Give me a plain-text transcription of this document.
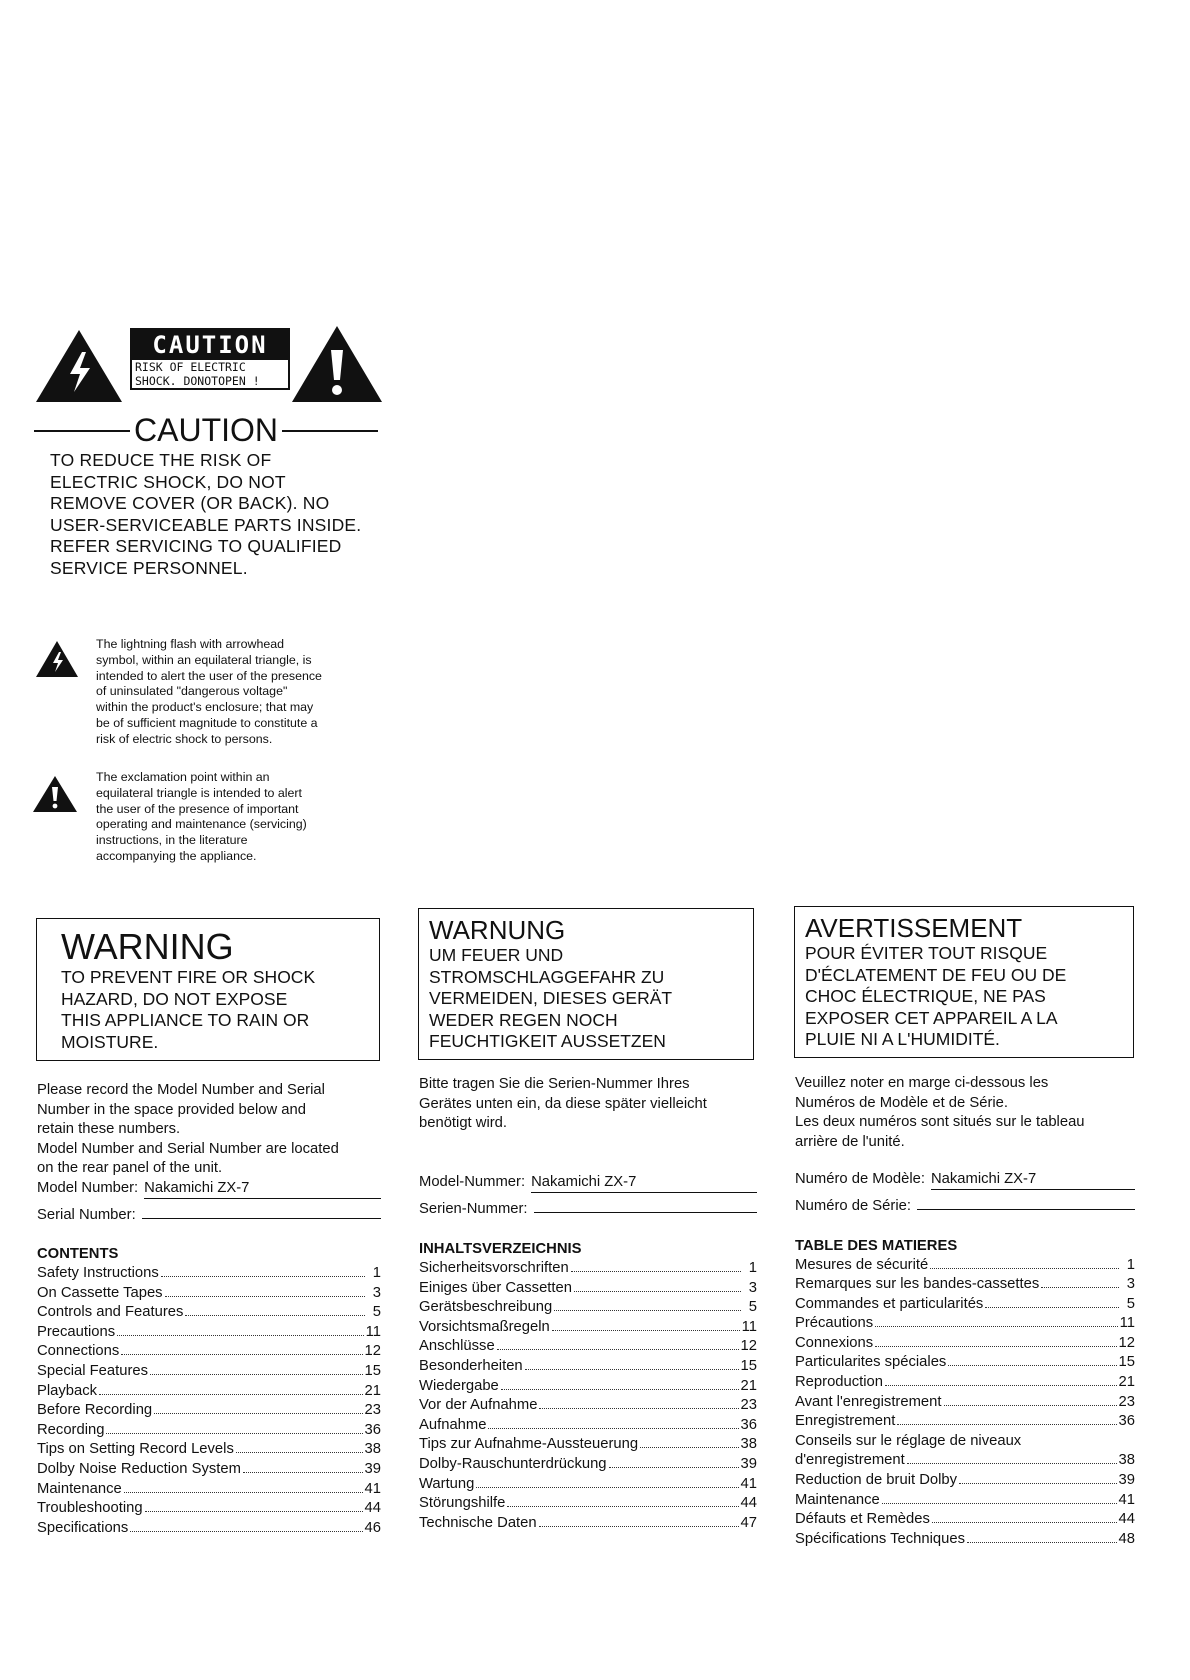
CAUTION
RISK OF ELECTRIC
SHOCK. DONOTOPEN !
CAUTION
TO REDUCE THE RISK OF
ELECTRIC SHOCK, DO NOT
REMOVE COVER (OR BACK). NO
USER-SERVICEABLE PARTS INSIDE.
REFER SERVICING TO QUALIFIED
SERVICE PERSONNEL.
The lightning flash with arrowhead
symbol, within an equilateral triangle, is
intended to alert the user of the presence
of uninsulated "dangerous voltage"
within the product's enclosure; that may
be of sufficient magnitude to constitute a
risk of electric shock to persons.
The exclamation point within an
equilateral triangle is intended to alert
the user of the presence of important
operating and maintenance (servicing)
instructions, in the literature
accompanying the appliance.
WARNING
TO PREVENT FIRE OR SHOCK
HAZARD, DO NOT EXPOSE
THIS APPLIANCE TO RAIN OR
MOISTURE.
WARNUNG
UM FEUER UND
STROMSCHLAGGEFAHR ZU
VERMEIDEN, DIESES GERÄT
WEDER REGEN NOCH
FEUCHTIGKEIT AUSSETZEN
AVERTISSEMENT
POUR ÉVITER TOUT RISQUE
D'ÉCLATEMENT DE FEU OU DE
CHOC ÉLECTRIQUE, NE PAS
EXPOSER CET APPAREIL A LA
PLUIE NI A L'HUMIDITÉ.
Please record the Model Number and Serial
Number in the space provided below and
retain these numbers.
Model Number and Serial Number are located
on the rear panel of the unit.
Model Number: Nakamichi ZX-7
Serial Number:
CONTENTS
Safety Instructions	1
On Cassette Tapes	3
Controls and Features	5
Precautions	11
Connections	12
Special Features	15
Playback	21
Before Recording	23
Recording	36
Tips on Setting Record Levels	38
Dolby Noise Reduction System	39
Maintenance	41
Troubleshooting	44
Specifications	46
Bitte tragen Sie die Serien-Nummer Ihres
Gerätes unten ein, da diese später vielleicht
benötigt wird.
Model-Nummer: Nakamichi ZX-7
Serien-Nummer:
INHALTSVERZEICHNIS
Sicherheitsvorschriften	1
Einiges über Cassetten	3
Gerätsbeschreibung	5
Vorsichtsmaßregeln	11
Anschlüsse	12
Besonderheiten	15
Wiedergabe	21
Vor der Aufnahme	23
Aufnahme	36
Tips zur Aufnahme-Aussteuerung	38
Dolby-Rauschunterdrückung	39
Wartung	41
Störungshilfe	44
Technische Daten	47
Veuillez noter en marge ci-dessous les
Numéros de Modèle et de Série.
Les deux numéros sont situés sur le tableau
arrière de l'unité.
Numéro de Modèle: Nakamichi ZX-7
Numéro de Série:
TABLE DES MATIERES
Mesures de sécurité	1
Remarques sur les bandes-cassettes	3
Commandes et particularités	5
Précautions	11
Connexions	12
Particularites spéciales	15
Reproduction	21
Avant l'enregistrement	23
Enregistrement	36
Conseils sur le réglage de niveaux
d'enregistrement	38
Reduction de bruit Dolby	39
Maintenance	41
Défauts et Remèdes	44
Spécifications Techniques	48
